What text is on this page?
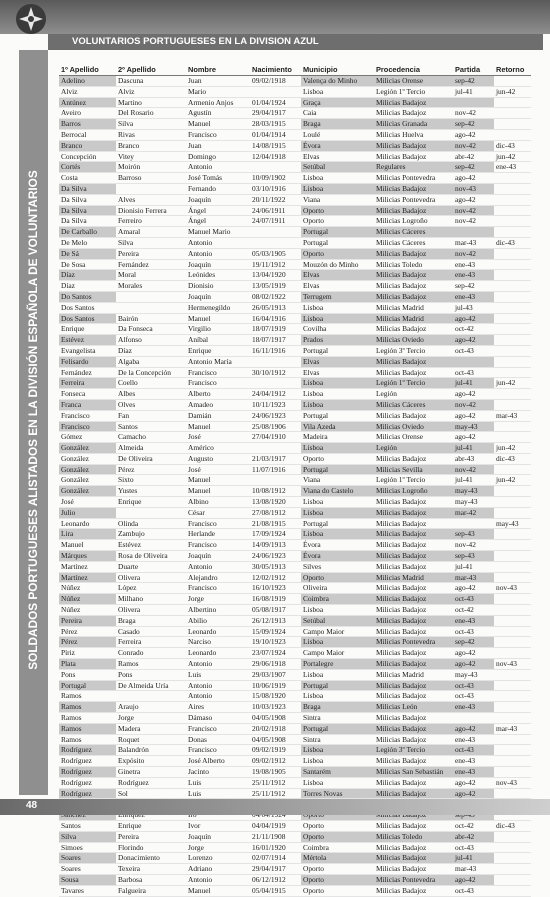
VOLUNTARIOS PORTUGUESES EN LA DIVISION AZUL
SOLDADOS PORTUGUESES ALISTADOS EN LA DIVISIÓN ESPAÑOLA DE VOLUNTARIOS
1º Apellido	2º Apellido	Nombre	Nacimiento	Municipio	Procedencia	Partida	Retorno
Adelino	Dascuna	Juan	09/02/1918	Valença do Minho	Milicias Orense	sep-42	
Alviz	Alviz	Mario		Lisboa	Legión 1º Tercio	jul-41	jun-42
Antúnez	Martino	Armenio Anjos	01/04/1924	Graça	Milicias Badajoz		
Aveiro	Del Rosario	Agustín	29/04/1917	Caia	Milicias Badajoz	nov-42	
Barros	Silva	Manuel	28/03/1915	Braga	Milicias Granada	sep-42	
Berrocal	Rivas	Francisco	01/04/1914	Loulé	Milicias Huelva	ago-42	
Branco	Branco	Juan	14/08/1915	Évora	Milicias Badajoz	nov-42	dic-43
Concepción	Vitey	Domingo	12/04/1918	Elvas	Milicias Badajoz	abr-42	jun-42
Cortés	Moirón	Antonio		Setúbal	Regulares	sep-42	ene-43
Costa	Barroso	José Tomás	10/09/1902	Lisboa	Milicias Pontevedra	ago-42	
Da Silva		Fernando	03/10/1916	Lisboa	Milicias Badajoz	nov-43	
Da Silva	Alves	Joaquín	20/11/1922	Viana	Milicias Pontevedra	ago-42	
Da Silva	Dionisio Ferrera	Ángel	24/06/1911	Oporto	Milicias Badajoz	nov-42	
Da Silva	Ferreiro	Ángel	24/07/1911	Oporto	Milicias Logroño	nov-42	
De Carballo	Amaral	Manuel Mario		Portugal	Milicias Cáceres		
De Melo	Silva	Antonio		Portugal	Milicias Cáceres	mar-43	dic-43
De Sá	Pereira	Antonio	05/03/1905	Oporto	Milicias Badajoz	nov-42	
De Sosa	Fernández	Joaquín	19/11/1912	Mouzón do Minho	Milicias Toledo	ene-43	
Díaz	Moral	Leónides	13/04/1920	Elvas	Milicias Badajoz	ene-43	
Díaz	Morales	Dionisio	13/05/1919	Elvas	Milicias Badajoz	sep-42	
Do Santos		Joaquín	08/02/1922	Terrugem	Milicias Badajoz	ene-43	
Dos Santos		Hermenegildo	26/05/1913	Lisboa	Milicias Madrid	jul-43	
Dos Santos	Bairón	Manuel	16/04/1916	Lisboa	Milicias Madrid	ago-42	
Enrique	Da Fonseca	Virgilio	18/07/1919	Covilha	Milicias Badajoz	oct-42	
Estévez	Alfonso	Aníbal	18/07/1917	Prados	Milicias Oviedo	ago-42	
Evangelista	Díaz	Enrique	16/11/1916	Portugal	Legión 3º Tercio	oct-43	
Felisardo	Algaba	Antonio María		Elvas	Milicias Badajoz		
Fernández	De la Concepción	Francisco	30/10/1912	Elvas	Milicias Badajoz	oct-43	
Ferreira	Coello	Francisco		Lisboa	Legión 1º Tercio	jul-41	jun-42
Fonseca	Albes	Alberto	24/04/1912	Lisboa	Legión	ago-42	
Franca	Olves	Amadeo	10/11/1923	Lisboa	Milicias Cáceres	nov-42	
Francisco	Fan	Damián	24/06/1923	Portugal	Milicias Badajoz	ago-42	mar-43
Francisco	Santos	Manuel	25/08/1906	Vila Azeda	Milicias Oviedo	may-43	
Gómez	Camacho	José	27/04/1910	Madeira	Milicias Orense	ago-42	
González	Almeida	Américo		Lisboa	Legión	jul-41	jun-42
González	De Oliveira	Augusto	21/03/1917	Oporto	Milicias Badajoz	abr-43	dic-43
González	Pérez	José	11/07/1916	Portugal	Milicias Sevilla	nov-42	
González	Sixto	Manuel		Viana	Legión 1º Tercio	jul-41	jun-42
González	Yustes	Manuel	10/08/1912	Viana do Castelo	Milicias Logroño	may-43	
José	Enrique	Albino	13/08/1920	Lisboa	Milicias Badajoz	may-43	
Julio		César	27/08/1912	Lisboa	Milicias Badajoz	mar-42	
Leonardo	Olinda	Francisco	21/08/1915	Portugal	Milicias Badajoz		may-43
Lira	Zambujo	Herlande	17/09/1924	Lisboa	Milicias Badajoz	sep-43	
Manuel	Estévez	Francisco	14/09/1913	Évora	Milicias Badajoz	nov-42	
Márques	Rosa de Oliveira	Joaquín	24/06/1923	Évora	Milicias Badajoz	sep-43	
Martínez	Duarte	Antonio	30/05/1913	Silves	Milicias Badajoz	jul-41	
Martínez	Olivera	Alejandro	12/02/1912	Oporto	Milicias Madrid	mar-43	
Núñez	López	Francisco	16/10/1923	Oliveira	Milicias Badajoz	ago-42	nov-43
Núñez	Milhano	Jorge	16/08/1919	Coimbra	Milicias Badajoz	oct-43	
Núñez	Olivera	Albertino	05/08/1917	Lisboa	Milicias Badajoz	oct-42	
Pereira	Braga	Abilio	26/12/1913	Setúbal	Milicias Badajoz	ene-43	
Pérez	Casado	Leonardo	15/09/1924	Campo Maior	Milicias Badajoz	oct-43	
Pérez	Ferreira	Narciso	19/10/1923	Lisboa	Milicias Pontevedra	sep-42	
Píriz	Conrado	Leonardo	23/07/1924	Campo Maior	Milicias Badajoz	ago-42	
Plata	Ramos	Antonio	29/06/1918	Portalegre	Milicias Badajoz	ago-42	nov-43
Pons	Pons	Luis	29/03/1907	Lisboa	Milicias Madrid	may-43	
Portugal	De Almeida Uría	Antonio	10/06/1919	Portugal	Milicias Badajoz	oct-43	
Ramos		Antonio	15/08/1920	Lisboa	Milicias Badajoz	oct-43	
Ramos	Araujo	Aires	10/03/1923	Braga	Milicias León	ene-43	
Ramos	Jorge	Dámaso	04/05/1908	Sintra	Milicias Badajoz		
Ramos	Madera	Francisco	20/02/1918	Portugal	Milicias Badajoz	ago-42	mar-43
Ramos	Roquet	Donas	04/05/1908	Sintra	Milicias Badajoz	ene-43	
Rodríguez	Balandrón	Francisco	09/02/1919	Lisboa	Legión 3º Tercio	oct-43	
Rodríguez	Expósito	José Alberto	09/02/1912	Lisboa	Milicias Badajoz	ene-43	
Rodríguez	Ginetra	Jacinto	19/08/1905	Santarém	Milicias San Sebastián	ene-43	
Rodríguez	Rodríguez	Luis	25/11/1912	Lisboa	Milicias Badajoz	ago-42	nov-43
Rodríguez	Sol	Luis	25/11/1912	Torres Novas	Milicias Badajoz	ago-42	

Santos	Enrique	Ivor	04/04/1919	Oporto	Milicias Badajoz	oct-42	dic-43
Silva	Pereira	Joaquín	21/11/1908	Oporto	Milicias Toledo	abr-42	
Simoes	Florindo	Jorge	16/01/1920	Coimbra	Milicias Badajoz	oct-43	
Soares	Donacimiento	Lorenzo	02/07/1914	Mértola	Milicias Badajoz	jul-41	
Soares	Texeira	Adriano	29/04/1917	Oporto	Milicias Badajoz	mar-43	
Sousa	Barbosa	Antonio	06/12/1912	Oporto	Milicias Pontevedra	ago-42	
Tavares	Falgueira	Manuel	05/04/1915	Oporto	Milicias Badajoz	oct-43	
48
